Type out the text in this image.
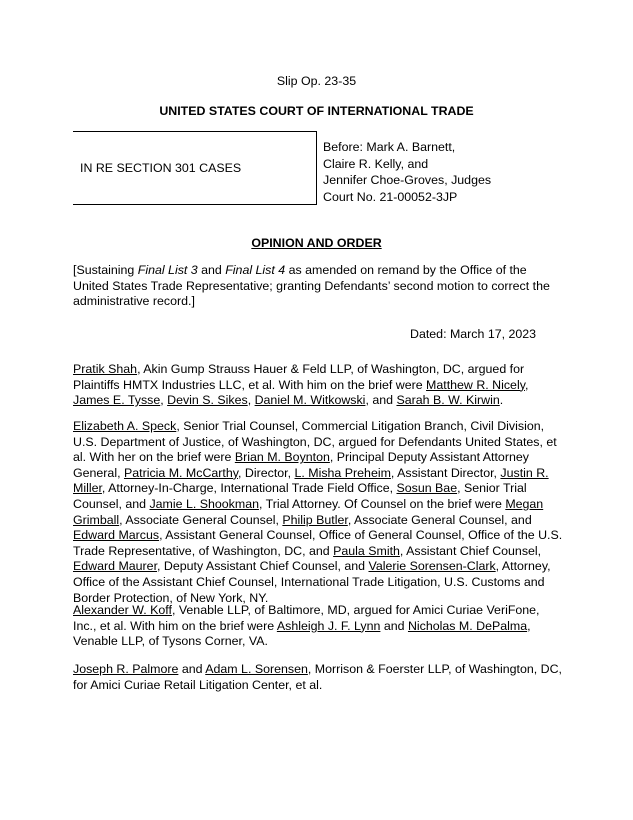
Slip Op. 23-35
UNITED STATES COURT OF INTERNATIONAL TRADE
IN RE SECTION 301 CASES
Before: Mark A. Barnett,
Claire R. Kelly, and
Jennifer Choe-Groves, Judges
Court No. 21-00052-3JP
OPINION AND ORDER
[Sustaining Final List 3 and Final List 4 as amended on remand by the Office of the United States Trade Representative; granting Defendants’ second motion to correct the administrative record.]
Dated: March 17, 2023
Pratik Shah, Akin Gump Strauss Hauer & Feld LLP, of Washington, DC, argued for Plaintiffs HMTX Industries LLC, et al. With him on the brief were Matthew R. Nicely, James E. Tysse, Devin S. Sikes, Daniel M. Witkowski, and Sarah B. W. Kirwin.
Elizabeth A. Speck, Senior Trial Counsel, Commercial Litigation Branch, Civil Division, U.S. Department of Justice, of Washington, DC, argued for Defendants United States, et al. With her on the brief were Brian M. Boynton, Principal Deputy Assistant Attorney General, Patricia M. McCarthy, Director, L. Misha Preheim, Assistant Director, Justin R. Miller, Attorney-In-Charge, International Trade Field Office, Sosun Bae, Senior Trial Counsel, and Jamie L. Shookman, Trial Attorney. Of Counsel on the brief were Megan Grimball, Associate General Counsel, Philip Butler, Associate General Counsel, and Edward Marcus, Assistant General Counsel, Office of General Counsel, Office of the U.S. Trade Representative, of Washington, DC, and Paula Smith, Assistant Chief Counsel, Edward Maurer, Deputy Assistant Chief Counsel, and Valerie Sorensen-Clark, Attorney, Office of the Assistant Chief Counsel, International Trade Litigation, U.S. Customs and Border Protection, of New York, NY.
Alexander W. Koff, Venable LLP, of Baltimore, MD, argued for Amici Curiae VeriFone, Inc., et al. With him on the brief were Ashleigh J. F. Lynn and Nicholas M. DePalma, Venable LLP, of Tysons Corner, VA.
Joseph R. Palmore and Adam L. Sorensen, Morrison & Foerster LLP, of Washington, DC, for Amici Curiae Retail Litigation Center, et al.
